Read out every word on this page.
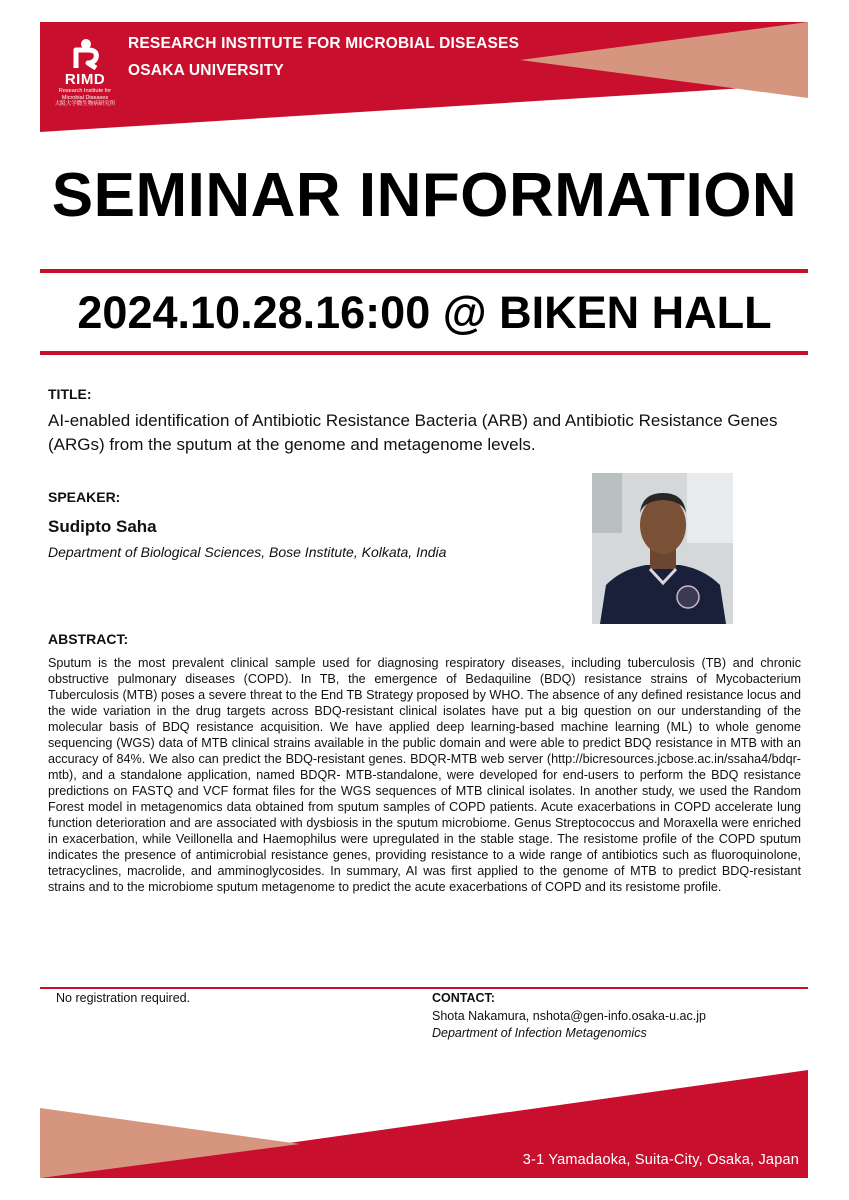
RIMD
Research Institute for
Microbial Diseases
大阪大学微生物病研究所
RESEARCH INSTITUTE FOR MICROBIAL DISEASES
OSAKA UNIVERSITY
SEMINAR INFORMATION
2024.10.28.16:00 @ BIKEN HALL
TITLE:
AI-enabled identification of Antibiotic Resistance Bacteria (ARB) and Antibiotic Resistance Genes (ARGs) from the sputum at the genome and metagenome levels.
SPEAKER:
Sudipto Saha
Department of Biological Sciences, Bose Institute, Kolkata, India
ABSTRACT:
Sputum is the most prevalent clinical sample used for diagnosing respiratory diseases, including tuberculosis (TB) and chronic obstructive pulmonary diseases (COPD). In TB, the emergence of Bedaquiline (BDQ) resistance strains of Mycobacterium Tuberculosis (MTB) poses a severe threat to the End TB Strategy proposed by WHO. The absence of any defined resistance locus and the wide variation in the drug targets across BDQ-resistant clinical isolates have put a big question on our understanding of the molecular basis of BDQ resistance acquisition. We have applied deep learning-based machine learning (ML) to whole genome sequencing (WGS) data of MTB clinical strains available in the public domain and were able to predict BDQ resistance in MTB with an accuracy of 84%. We also can predict the BDQ-resistant genes. BDQR-MTB web server (http://bicresources.jcbose.ac.in/ssaha4/bdqr-mtb), and a standalone application, named BDQR- MTB-standalone, were developed for end-users to perform the BDQ resistance predictions on FASTQ and VCF format files for the WGS sequences of MTB clinical isolates. In another study, we used the Random Forest model in metagenomics data obtained from sputum samples of COPD patients. Acute exacerbations in COPD accelerate lung function deterioration and are associated with dysbiosis in the sputum microbiome. Genus Streptococcus and Moraxella were enriched in exacerbation, while Veillonella and Haemophilus were upregulated in the stable stage. The resistome profile of the COPD sputum indicates the presence of antimicrobial resistance genes, providing resistance to a wide range of antibiotics such as fluoroquinolone, tetracyclines, macrolide, and amminoglycosides. In summary, AI was first applied to the genome of MTB to predict BDQ-resistant strains and to the microbiome sputum metagenome to predict the acute exacerbations of COPD and its resistome profile.
No registration required.	CONTACT:
Shota Nakamura, nshota@gen-info.osaka-u.ac.jp
Department of Infection Metagenomics
3-1 Yamadaoka, Suita-City, Osaka, Japan
